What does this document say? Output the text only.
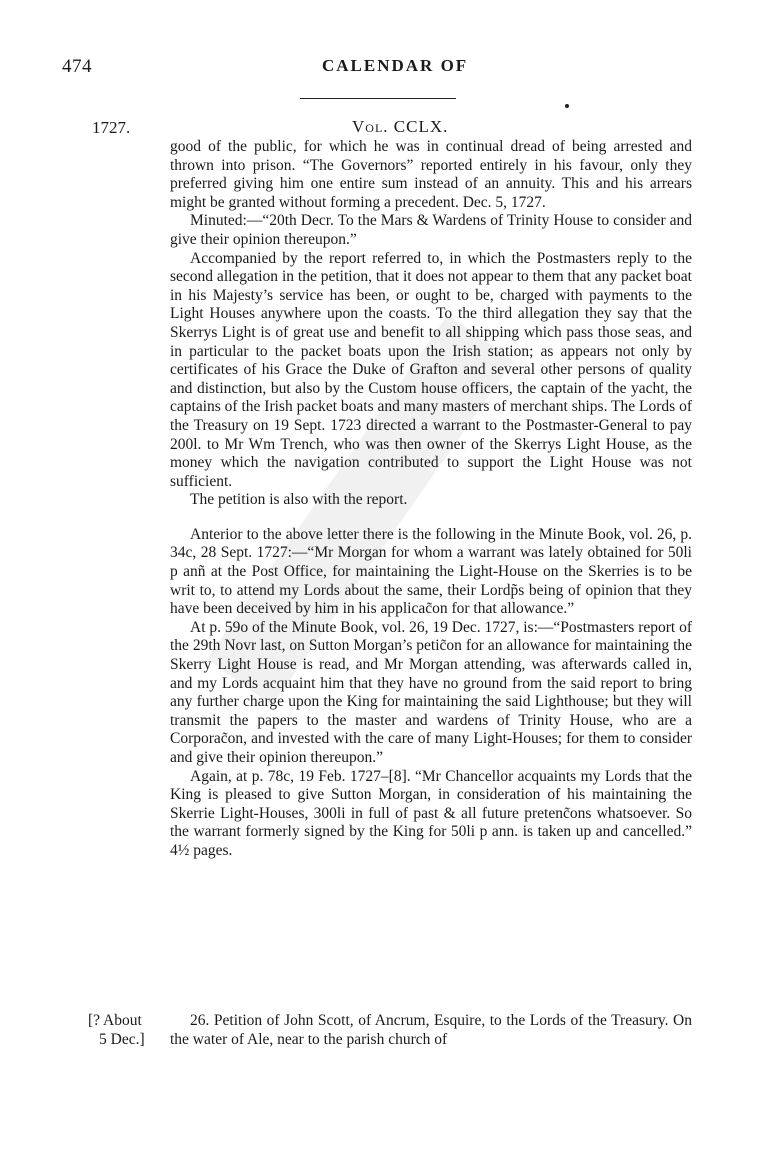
474	CALENDAR OF
1727.	Vol. CCLX.

good of the public, for which he was in continual dread of being arrested and thrown into prison. “The Governors” reported entirely in his favour, only they preferred giving him one entire sum instead of an annuity. This and his arrears might be granted without forming a precedent. Dec. 5, 1727.

Minuted:—“20th Decr. To the Mars & Wardens of Trinity House to consider and give their opinion thereupon.”

Accompanied by the report referred to, in which the Postmasters reply to the second allegation in the petition, that it does not appear to them that any packet boat in his Majesty’s service has been, or ought to be, charged with payments to the Light Houses anywhere upon the coasts. To the third allegation they say that the Skerrys Light is of great use and benefit to all shipping which pass those seas, and in particular to the packet boats upon the Irish station; as appears not only by certificates of his Grace the Duke of Grafton and several other persons of quality and distinction, but also by the Custom house officers, the captain of the yacht, the captains of the Irish packet boats and many masters of merchant ships. The Lords of the Treasury on 19 Sept. 1723 directed a warrant to the Postmaster-General to pay 200l. to Mr Wm Trench, who was then owner of the Skerrys Light House, as the money which the navigation contributed to support the Light House was not sufficient.

The petition is also with the report.

Anterior to the above letter there is the following in the Minute Book, vol. 26, p. 34c, 28 Sept. 1727:—“Mr Morgan for whom a warrant was lately obtained for 50li p anñ at the Post Office, for maintaining the Light-House on the Skerries is to be writ to, to attend my Lords about the same, their Lordp̃s being of opinion that they have been deceived by him in his applicac̃on for that allowance.”

At p. 59o of the Minute Book, vol. 26, 19 Dec. 1727, is:—“Postmasters report of the 29th Novr last, on Sutton Morgan’s petic̃on for an allowance for maintaining the Skerry Light House is read, and Mr Morgan attending, was afterwards called in, and my Lords acquaint him that they have no ground from the said report to bring any further charge upon the King for maintaining the said Lighthouse; but they will transmit the papers to the master and wardens of Trinity House, who are a Corporac̃on, and invested with the care of many Light-Houses; for them to consider and give their opinion thereupon.”

Again, at p. 78c, 19 Feb. 1727–[8]. “Mr Chancellor acquaints my Lords that the King is pleased to give Sutton Morgan, in consideration of his maintaining the Skerrie Light-Houses, 300li in full of past & all future pretenc̃ons whatsoever. So the warrant formerly signed by the King for 50li p ann. is taken up and cancelled.” 4½ pages.

[? About
5 Dec.]

26. Petition of John Scott, of Ancrum, Esquire, to the Lords of the Treasury. On the water of Ale, near to the parish church of
